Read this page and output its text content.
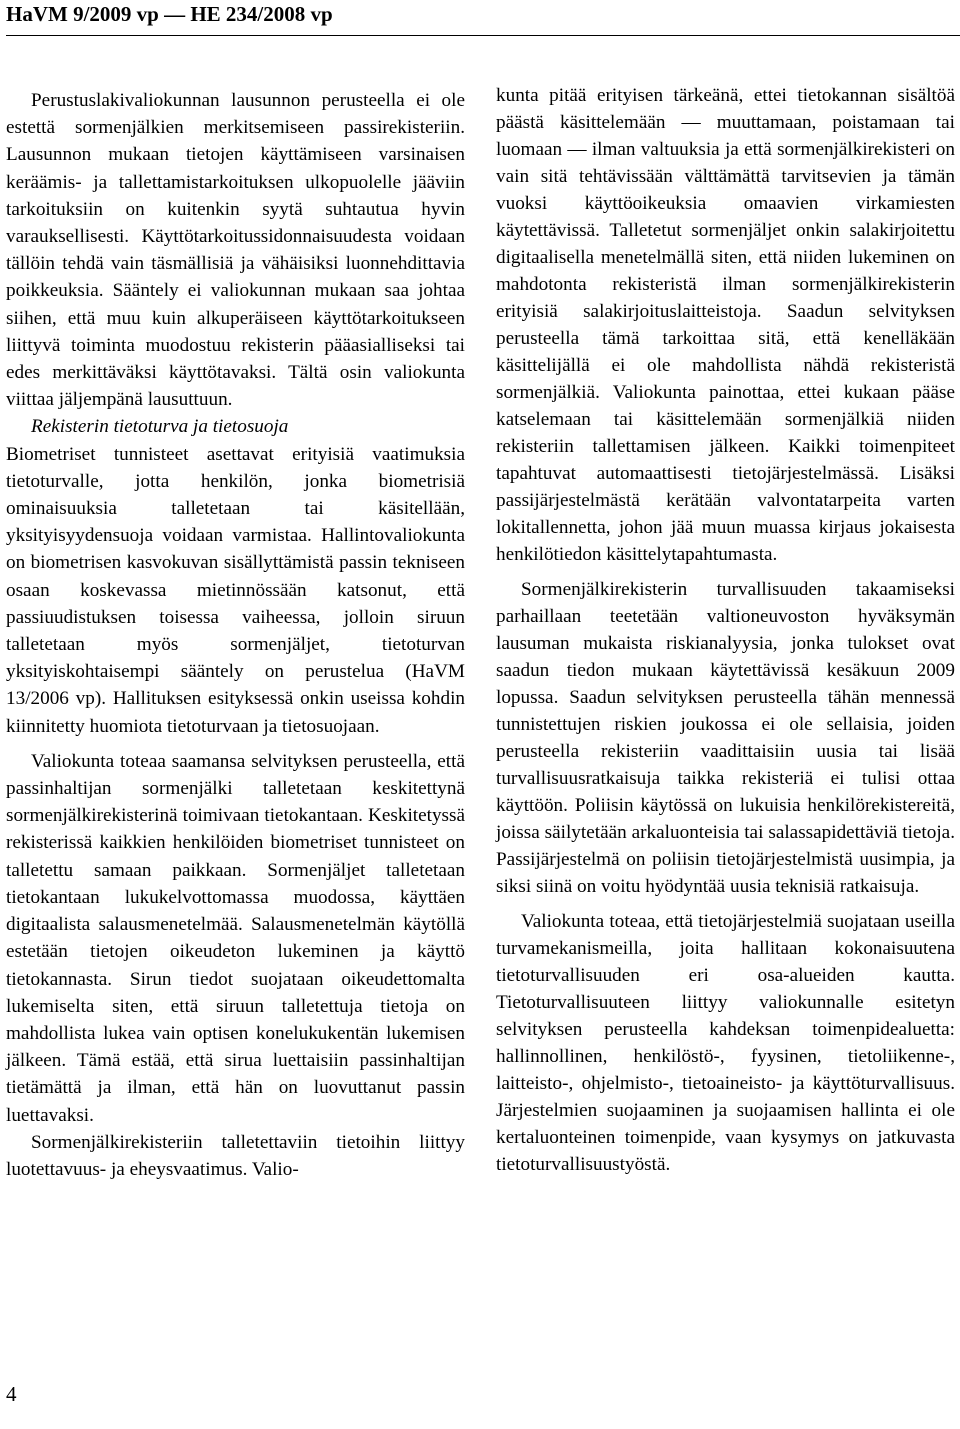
HaVM 9/2009 vp — HE 234/2008 vp

Perustuslakivaliokunnan lausunnon perusteella ei ole estettä sormenjälkien merkitsemiseen passirekisteriin. Lausunnon mukaan tietojen käyttämiseen varsinaisen keräämis- ja tallettamistarkoituksen ulkopuolelle jääviin tarkoituksiin on kuitenkin syytä suhtautua hyvin varauksellisesti. Käyttötarkoitussidonnaisuudesta voidaan tällöin tehdä vain täsmällisiä ja vähäisiksi luonnehdittavia poikkeuksia. Sääntely ei valiokunnan mukaan saa johtaa siihen, että muu kuin alkuperäiseen käyttötarkoitukseen liittyvä toiminta muodostuu rekisterin pääasialliseksi tai edes merkittäväksi käyttötavaksi. Tältä osin valiokunta viittaa jäljempänä lausuttuun.

Rekisterin tietoturva ja tietosuoja

Biometriset tunnisteet asettavat erityisiä vaatimuksia tietoturvalle, jotta henkilön, jonka biometrisiä ominaisuuksia talletetaan tai käsitellään, yksityisyydensuoja voidaan varmistaa. Hallintovaliokunta on biometrisen kasvokuvan sisällyttämistä passin tekniseen osaan koskevassa mietinnössään katsonut, että passiuudistuksen toisessa vaiheessa, jolloin siruun talletetaan myös sormenjäljet, tietoturvan yksityiskohtaisempi sääntely on perustelua (HaVM 13/2006 vp). Hallituksen esityksessä onkin useissa kohdin kiinnitetty huomiota tietoturvaan ja tietosuojaan.

Valiokunta toteaa saamansa selvityksen perusteella, että passinhaltijan sormenjälki talletetaan keskitettynä sormenjälkirekisterinä toimivaan tietokantaan. Keskitetyssä rekisterissä kaikkien henkilöiden biometriset tunnisteet on talletettu samaan paikkaan. Sormenjäljet talletetaan tietokantaan lukukelvottomassa muodossa, käyttäen digitaalista salausmenetelmää. Salausmenetelmän käytöllä estetään tietojen oikeudeton lukeminen ja käyttö tietokannasta. Sirun tiedot suojataan oikeudettomalta lukemiselta siten, että siruun talletettuja tietoja on mahdollista lukea vain optisen konelukukentän lukemisen jälkeen. Tämä estää, että sirua luettaisiin passinhaltijan tietämättä ja ilman, että hän on luovuttanut passin luettavaksi.

Sormenjälkirekisteriin talletettaviin tietoihin liittyy luotettavuus- ja eheysvaatimus. Valio-

kunta pitää erityisen tärkeänä, ettei tietokannan sisältöä päästä käsittelemään — muuttamaan, poistamaan tai luomaan — ilman valtuuksia ja että sormenjälkirekisteri on vain sitä tehtävissään välttämättä tarvitsevien ja tämän vuoksi käyttöoikeuksia omaavien virkamiesten käytettävissä. Talletetut sormenjäljet onkin salakirjoitettu digitaalisella menetelmällä siten, että niiden lukeminen on mahdotonta rekisteristä ilman sormenjälkirekisterin erityisiä salakirjoituslaitteistoja. Saadun selvityksen perusteella tämä tarkoittaa sitä, että kenelläkään käsittelijällä ei ole mahdollista nähdä rekisteristä sormenjälkiä. Valiokunta painottaa, ettei kukaan pääse katselemaan tai käsittelemään sormenjälkiä niiden rekisteriin tallettamisen jälkeen. Kaikki toimenpiteet tapahtuvat automaattisesti tietojärjestelmässä. Lisäksi passijärjestelmästä kerätään valvontatarpeita varten lokitallennetta, johon jää muun muassa kirjaus jokaisesta henkilötiedon käsittelytapahtumasta.

Sormenjälkirekisterin turvallisuuden takaamiseksi parhaillaan teetetään valtioneuvoston hyväksymän lausuman mukaista riskianalyysia, jonka tulokset ovat saadun tiedon mukaan käytettävissä kesäkuun 2009 lopussa. Saadun selvityksen perusteella tähän mennessä tunnistettujen riskien joukossa ei ole sellaisia, joiden perusteella rekisteriin vaadittaisiin uusia tai lisää turvallisuusratkaisuja taikka rekisteriä ei tulisi ottaa käyttöön. Poliisin käytössä on lukuisia henkilörekistereitä, joissa säilytetään arkaluonteisia tai salassapidettäviä tietoja. Passijärjestelmä on poliisin tietojärjestelmistä uusimpia, ja siksi siinä on voitu hyödyntää uusia teknisiä ratkaisuja.

Valiokunta toteaa, että tietojärjestelmiä suojataan useilla turvamekanismeilla, joita hallitaan kokonaisuutena tietoturvallisuuden eri osa-alueiden kautta. Tietoturvallisuuteen liittyy valiokunnalle esitetyn selvityksen perusteella kahdeksan toimenpidealuetta: hallinnollinen, henkilöstö-, fyysinen, tietoliikenne-, laitteisto-, ohjelmisto-, tietoaineisto- ja käyttöturvallisuus. Järjestelmien suojaaminen ja suojaamisen hallinta ei ole kertaluonteinen toimenpide, vaan kysymys on jatkuvasta tietoturvallisuustyöstä.

4
